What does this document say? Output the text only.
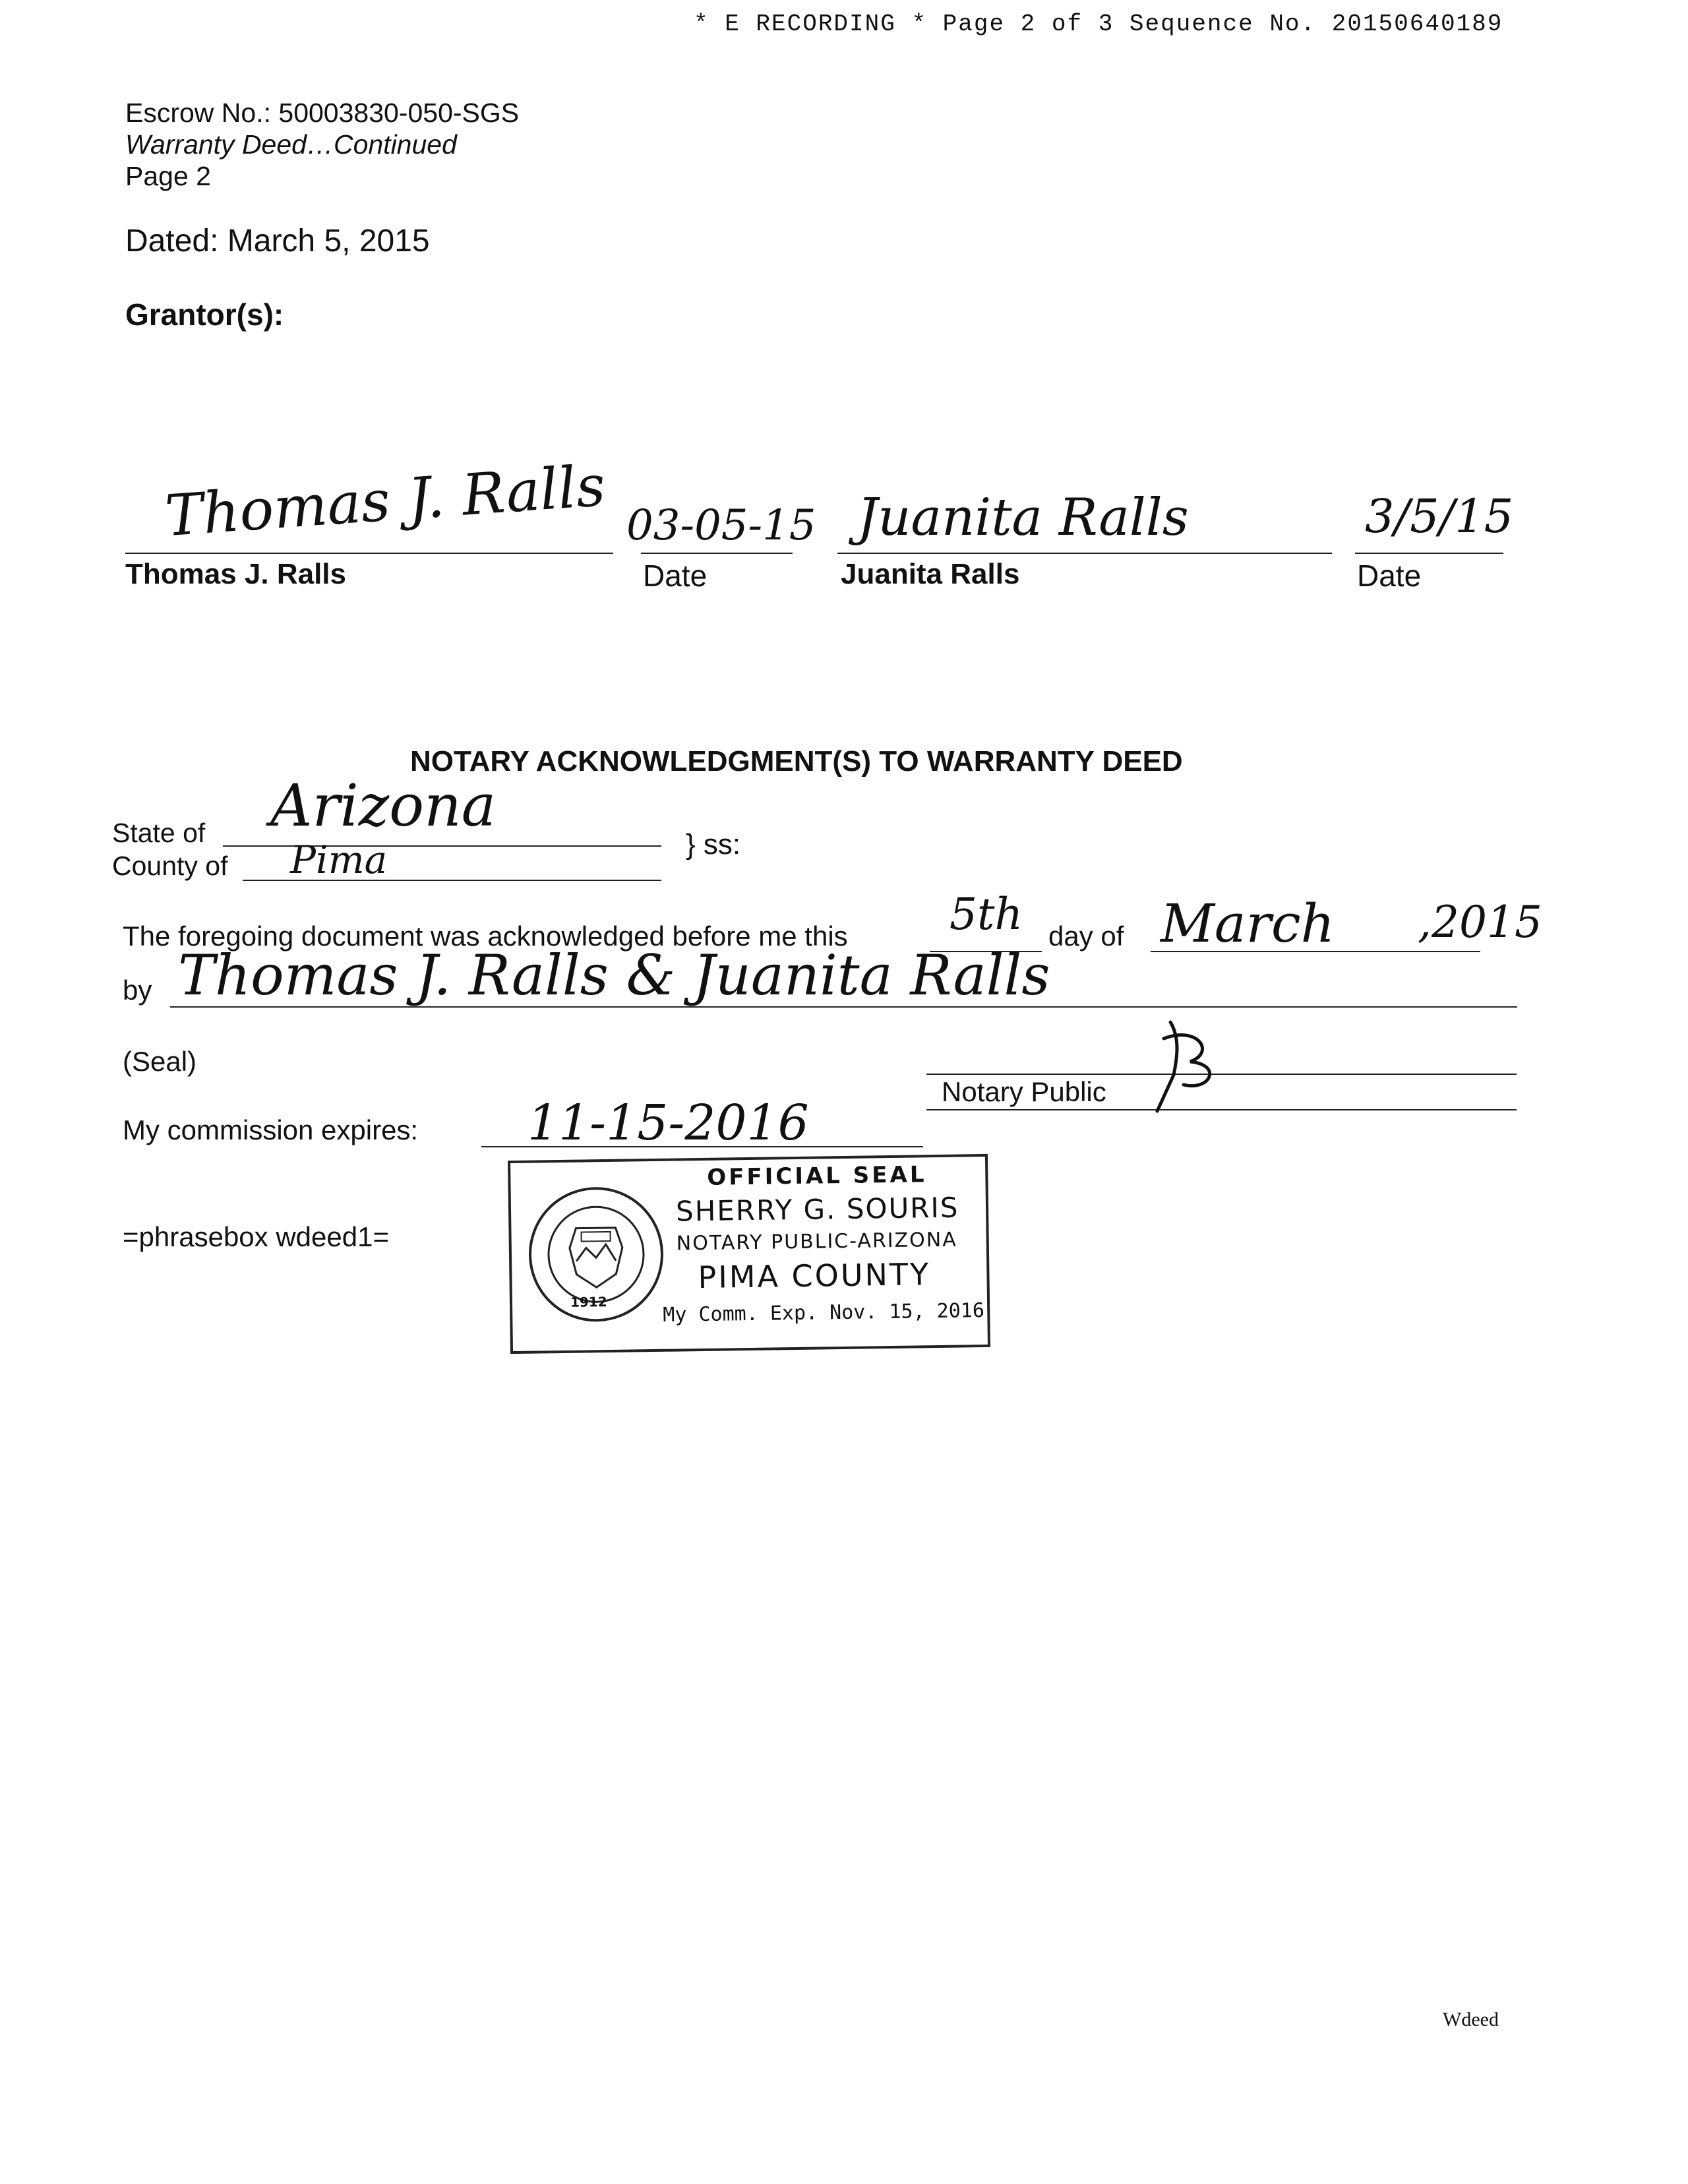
* E RECORDING * Page 2 of 3 Sequence No. 20150640189
Escrow No.: 50003830-050-SGS
Warranty Deed…Continued
Page 2
Dated: March 5, 2015
Grantor(s):
Thomas J. Ralls
Thomas J. Ralls
03-05-15
Date
Juanita Ralls
Juanita Ralls
3/5/15
Date
NOTARY ACKNOWLEDGMENT(S) TO WARRANTY DEED
State of Arizona
County of Pima	} ss:
The foregoing document was acknowledged before me this 5th day of March ,2015
by Thomas J. Ralls & Juanita Ralls
(Seal)
Notary Public
My commission expires: 11-15-2016
=phrasebox wdeed1=
1912
OFFICIAL SEAL
SHERRY G. SOURIS
NOTARY PUBLIC-ARIZONA
PIMA COUNTY
My Comm. Exp. Nov. 15, 2016
Wdeed
